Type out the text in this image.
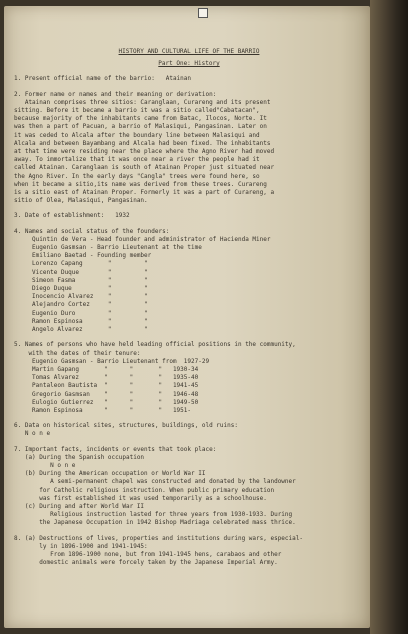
HISTORY AND CULTURAL LIFE OF THE BARRIO
Part One: History
1. Present official name of the barrio:   Atainan
2. Former name or names and their meaning or derivation:
Atainan comprises three sitios: Caranglaan, Curareng and its present
sitting. Before it became a barrio it was a sitio called"Cabatacan",
because majority of the inhabitants came from Batac, Ilocos, Norte. It
was then a part of Pacuan, a barrio of Malasiqui, Pangasinan. Later on
it was ceded to Alcala after the boundary line between Malasiqui and
Alcala and between Bayambang and Alcala had been fixed. The inhabitants
at that time were residing near the place where the Agno River had moved
away. To immortalize that it was once near a river the people had it
called Atainan. Caranglaan is south of Atainan Proper just situated near
the Agno River. In the early days "Cangla" trees were found here, so
when it became a sitio,its name was derived from these trees. Curareng
is a sitio east of Atainan Proper. Formerly it was a part of Curareng, a
sitio of Olea, Malasiqui, Pangasinan.
3. Date of establishment:   1932
4. Names and social status of the founders:
Quintin de Vera - Head founder and administrator of Hacienda Miner
Eugenio Gasmsan - Barrio Lieutenant at the time
Emiliano Baetad - Founding member
Lorenzo Capang       "         "
Vicente Duque        "         "
Simeon Fasma         "         "
Diego Duque          "         "
Inocencio Alvarez    "         "
Alejandro Cortez     "         "
Eugenio Duro         "         "
Ramon Espinosa       "         "
Angelo Alvarez       "         "
5. Names of persons who have held leading official positions in the community,
with the dates of their tenure:
Eugenio Gasmsan - Barrio Lieutenant from  1927-29
Martin Gapang       "      "       "   1930-34
Tomas Alvarez       "      "       "   1935-40
Pantaleon Bautista  "      "       "   1941-45
Gregorio Gasmsan    "      "       "   1946-48
Eulogio Gutierrez   "      "       "   1949-50
Ramon Espinosa      "      "       "   1951-
6. Data on historical sites, structures, buildings, old ruins:
N o n e
7. Important facts, incidents or events that took place:
(a) During the Spanish occupation
N o n e
(b) During the American occupation or World War II
A semi-permanent chapel was constructed and donated by the landowner
for Catholic religious instruction. When public primary education
was first established it was used temporarily as a schoolhouse.
(c) During and after World War II
Religious instruction lasted for three years from 1930-1933. During
the Japanese Occupation in 1942 Bishop Madriaga celebrated mass thrice.
8. (a) Destructions of lives, properties and institutions during wars, especial-
ly in 1896-1900 and 1941-1945:
From 1896-1900 none, but from 1941-1945 hens, carabaos and other
domestic animals were forcely taken by the Japanese Imperial Army.
